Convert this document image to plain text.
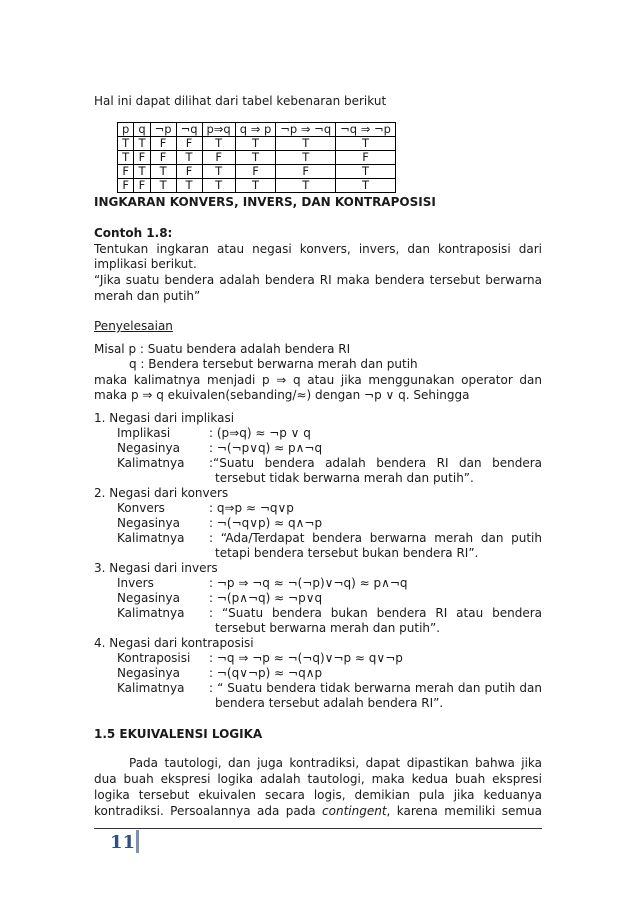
Hal ini dapat dilihat dari tabel kebenaran berikut
p	q	¬p	¬q	p⇒q	q ⇒ p	¬p ⇒ ¬q	¬q ⇒ ¬p
T	T	F	F	T	T	T	T
T	F	F	T	F	T	T	F
F	T	T	F	T	F	F	T
F	F	T	T	T	T	T	T
INGKARAN KONVERS, INVERS, DAN KONTRAPOSISI
Contoh 1.8:
Tentukan ingkaran atau negasi konvers, invers, dan kontraposisi dari
implikasi berikut.
“Jika suatu bendera adalah bendera RI maka bendera tersebut berwarna
merah dan putih”
Penyelesaian
Misal p : Suatu bendera adalah bendera RI
q : Bendera tersebut berwarna merah dan putih
maka kalimatnya menjadi p ⇒ q atau jika menggunakan operator dan
maka p ⇒ q ekuivalen(sebanding/≈) dengan ¬p ∨ q. Sehingga
1. Negasi dari implikasi
Implikasi	: (p⇒q) ≈ ¬p ∨ q
Negasinya : ¬(¬p∨q) ≈ p∧¬q
Kalimatnya :“Suatu bendera adalah bendera RI dan bendera
tersebut tidak berwarna merah dan putih”.
2. Negasi dari konvers
Konvers	: q⇒p ≈ ¬q∨p
Negasinya : ¬(¬q∨p) ≈ q∧¬p
Kalimatnya : “Ada/Terdapat bendera berwarna merah dan putih
tetapi bendera tersebut bukan bendera RI”.
3. Negasi dari invers
Invers	: ¬p ⇒ ¬q ≈ ¬(¬p)∨¬q) ≈ p∧¬q
Negasinya : ¬(p∧¬q) ≈ ¬p∨q
Kalimatnya : “Suatu bendera bukan bendera RI atau bendera
tersebut berwarna merah dan putih”.
4. Negasi dari kontraposisi
Kontraposisi : ¬q ⇒ ¬p ≈ ¬(¬q)∨¬p ≈ q∨¬p
Negasinya : ¬(q∨¬p) ≈ ¬q∧p
Kalimatnya : “ Suatu bendera tidak berwarna merah dan putih dan
bendera tersebut adalah bendera RI”.
1.5 EKUIVALENSI LOGIKA
Pada tautologi, dan juga kontradiksi, dapat dipastikan bahwa jika
dua buah ekspresi logika adalah tautologi, maka kedua buah ekspresi
logika tersebut ekuivalen secara logis, demikian pula jika keduanya
kontradiksi. Persoalannya ada pada contingent, karena memiliki semua
11
